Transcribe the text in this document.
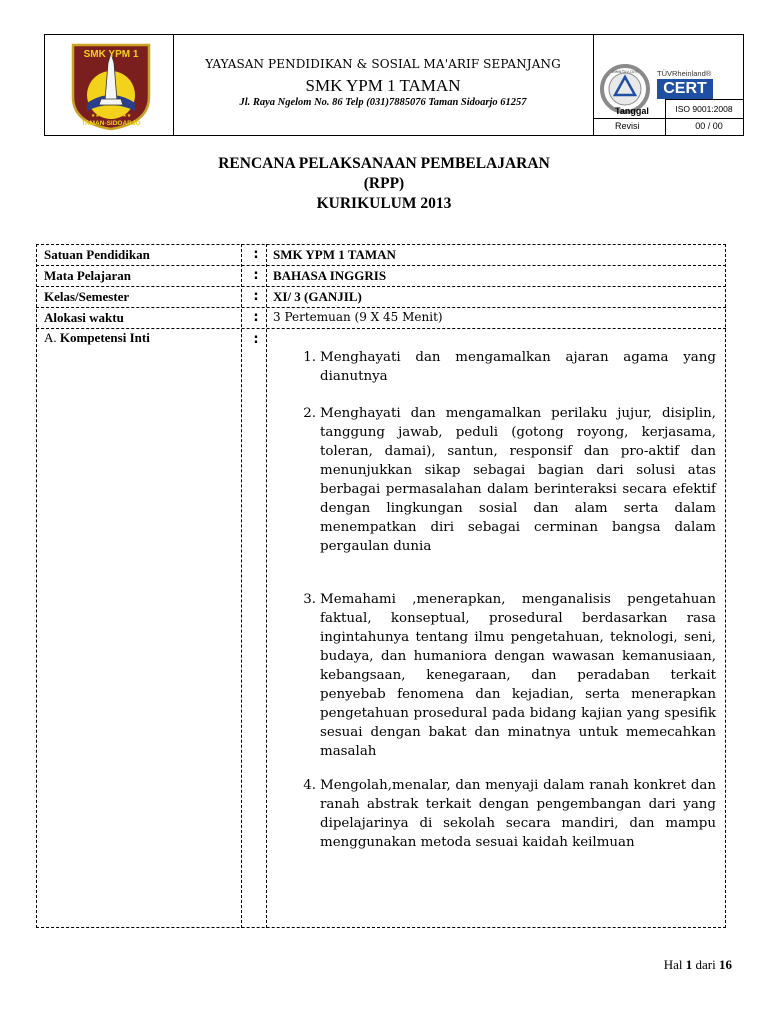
SMK YPM 1
★★★★★★★★★
TAMAN-SIDOARJO
YAYASAN PENDIDIKAN & SOSIAL MA'ARIF SEPANJANG
SMK YPM 1 TAMAN
Jl. Raya Ngelom No. 86 Telp (031)7885076 Taman Sidoarjo 61257
www.tuv.com TÜVRheinland®
CERT
Tanggal	ISO 9001:2008
Revisi	00 / 00
RENCANA PELAKSANAAN PEMBELAJARAN
(RPP)
KURIKULUM 2013
Satuan Pendidikan	:	SMK YPM 1 TAMAN
Mata Pelajaran	:	BAHASA INGGRIS
Kelas/Semester	:	XI/ 3 (GANJIL)
Alokasi waktu	:	3 Pertemuan (9 X 45 Menit)
A. Kompetensi Inti	:
1. Menghayati dan mengamalkan ajaran agama yang dianutnya
2. Menghayati dan mengamalkan perilaku jujur, disiplin, tanggung jawab, peduli (gotong royong, kerjasama, toleran, damai), santun, responsif dan pro-aktif dan menunjukkan sikap sebagai bagian dari solusi atas berbagai permasalahan dalam berinteraksi secara efektif dengan lingkungan sosial dan alam serta dalam menempatkan diri sebagai cerminan bangsa dalam pergaulan dunia
3. Memahami ,menerapkan, menganalisis pengetahuan faktual, konseptual, prosedural berdasarkan rasa ingintahunya tentang ilmu pengetahuan, teknologi, seni, budaya, dan humaniora dengan wawasan kemanusiaan, kebangsaan, kenegaraan, dan peradaban terkait penyebab fenomena dan kejadian, serta menerapkan pengetahuan prosedural pada bidang kajian yang spesifik sesuai dengan bakat dan minatnya untuk memecahkan masalah
4. Mengolah,menalar, dan menyaji dalam ranah konkret dan ranah abstrak terkait dengan pengembangan dari yang dipelajarinya di sekolah secara mandiri, dan mampu menggunakan metoda sesuai kaidah keilmuan
Hal 1 dari 16
